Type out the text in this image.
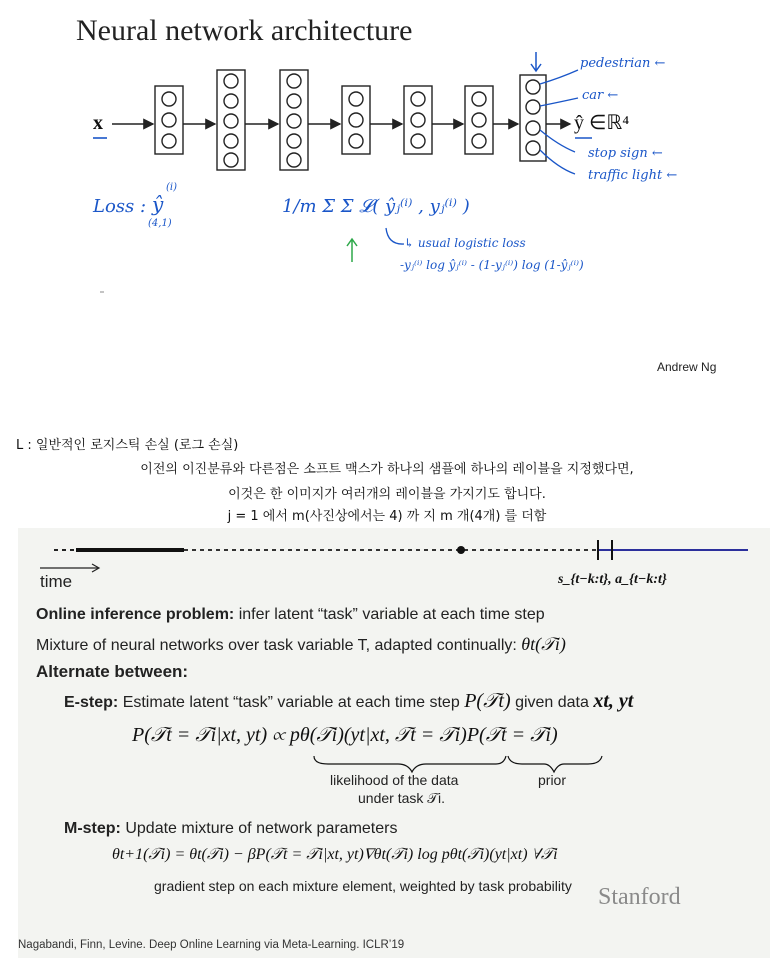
Neural network architecture
x	ŷ ∈ℝ⁴
pedestrian ←
car ←
stop sign ←
traffic light ←
Loss : ŷ
(i)
(4,1)
1/m Σ Σ 𝓛( ŷⱼ⁽ⁱ⁾ , yⱼ⁽ⁱ⁾ )
↳ usual logistic loss
-yⱼ⁽ⁱ⁾ log ŷⱼ⁽ⁱ⁾ - (1-yⱼ⁽ⁱ⁾) log (1-ŷⱼ⁽ⁱ⁾)
Andrew Ng
L : 일반적인 로지스틱 손실 (로그 손실)
이전의 이진분류와 다른점은 소프트 맥스가 하나의 샘플에 하나의 레이블을 지정했다면,
이것은 한 이미지가 여러개의 레이블을 가지기도 합니다.
j = 1 에서 m(사진상에서는 4) 까 지 m 개(4개) 를 더함
time	s_{t−k:t}, a_{t−k:t}
Online inference problem: infer latent “task” variable at each time step
Mixture of neural networks over task variable T, adapted continually: θt(𝒯i)
Alternate between:
E-step: Estimate latent “task” variable at each time step P(𝒯t) given data xt, yt
P(𝒯t = 𝒯i|xt, yt) ∝ pθ(𝒯i)(yt|xt, 𝒯t = 𝒯i)P(𝒯t = 𝒯i)
likelihood of the data
under task 𝒯i.
prior
M-step: Update mixture of network parameters
θt+1(𝒯i) = θt(𝒯i) − βP(𝒯t = 𝒯i|xt, yt)∇θt(𝒯i) log pθt(𝒯i)(yt|xt) ∀𝒯i
gradient step on each mixture element, weighted by task probability Stanford
Nagabandi, Finn, Levine. Deep Online Learning via Meta-Learning. ICLR’19
